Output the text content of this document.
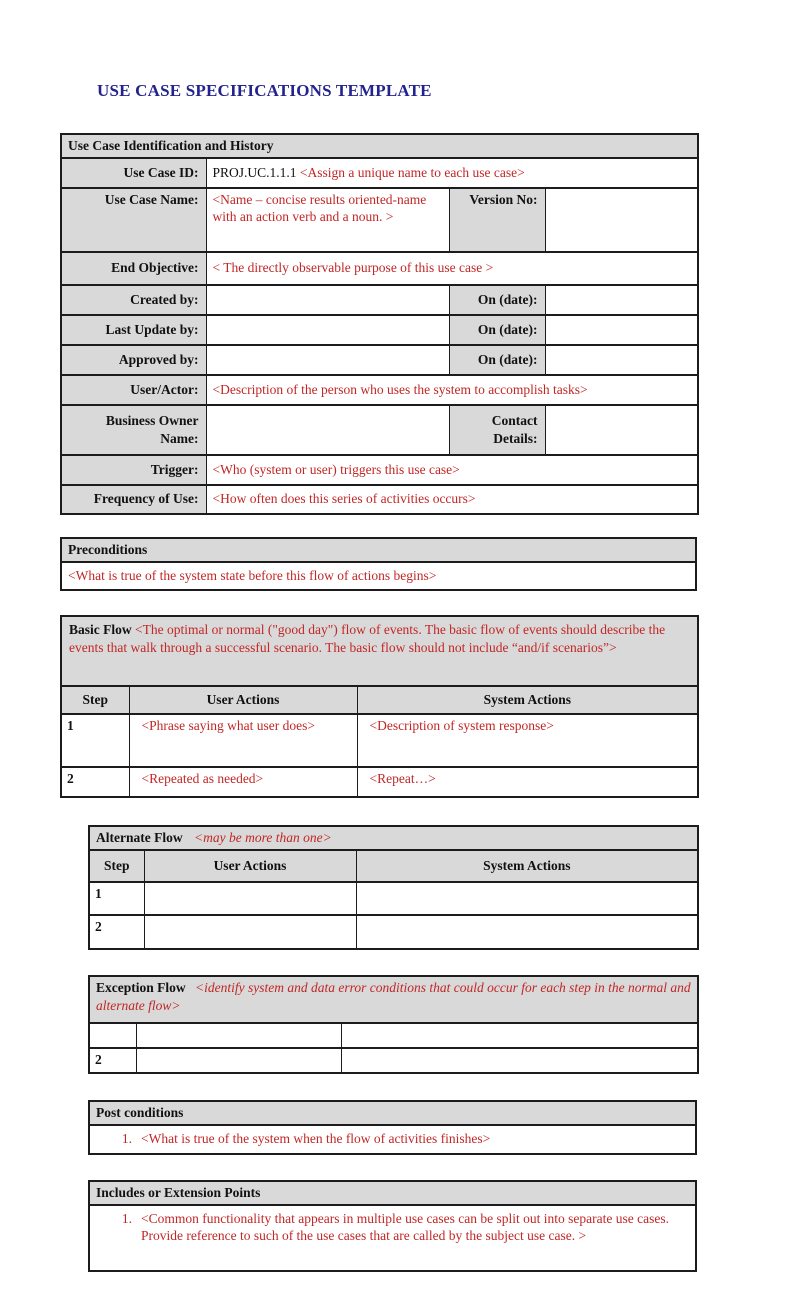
USE CASE SPECIFICATIONS TEMPLATE
Use Case Identification and History			
Use Case ID:	PROJ.UC.1.1.1 <Assign a unique name to each use case>		
Use Case Name:	<Name – concise results oriented-name with an action verb and a noun. >	Version No:	
End Objective:	< The directly observable purpose of this use case >		
Created by:		On (date):	
Last Update by:		On (date):	
Approved by:		On (date):	
User/Actor:	<Description of the person who uses the system to accomplish tasks>		
Business Owner Name:		Contact Details:	
Trigger:	<Who (system or user) triggers this use case>		
Frequency of Use:	<How often does this series of activities occurs>		
Preconditions
<What is true of the system state before this flow of actions begins>
Basic Flow <The optimal or normal ("good day") flow of events. The basic flow of events should describe the events that walk through a successful scenario. The basic flow should not include “and/if scenarios”>		
Step	User Actions	System Actions
1	<Phrase saying what user does>	<Description of system response>
2	<Repeated as needed>	<Repeat…>
Alternate Flow <may be more than one>		
Step	User Actions	System Actions
1		
2		
Exception Flow <identify system and data error conditions that could occur for each step in the normal and alternate flow>		

2		
Post conditions

1. <What is true of the system when the flow of activities finishes>
Includes or Extension Points

1. <Common functionality that appears in multiple use cases can be split out into separate use cases. Provide reference to such of the use cases that are called by the subject use case. >
